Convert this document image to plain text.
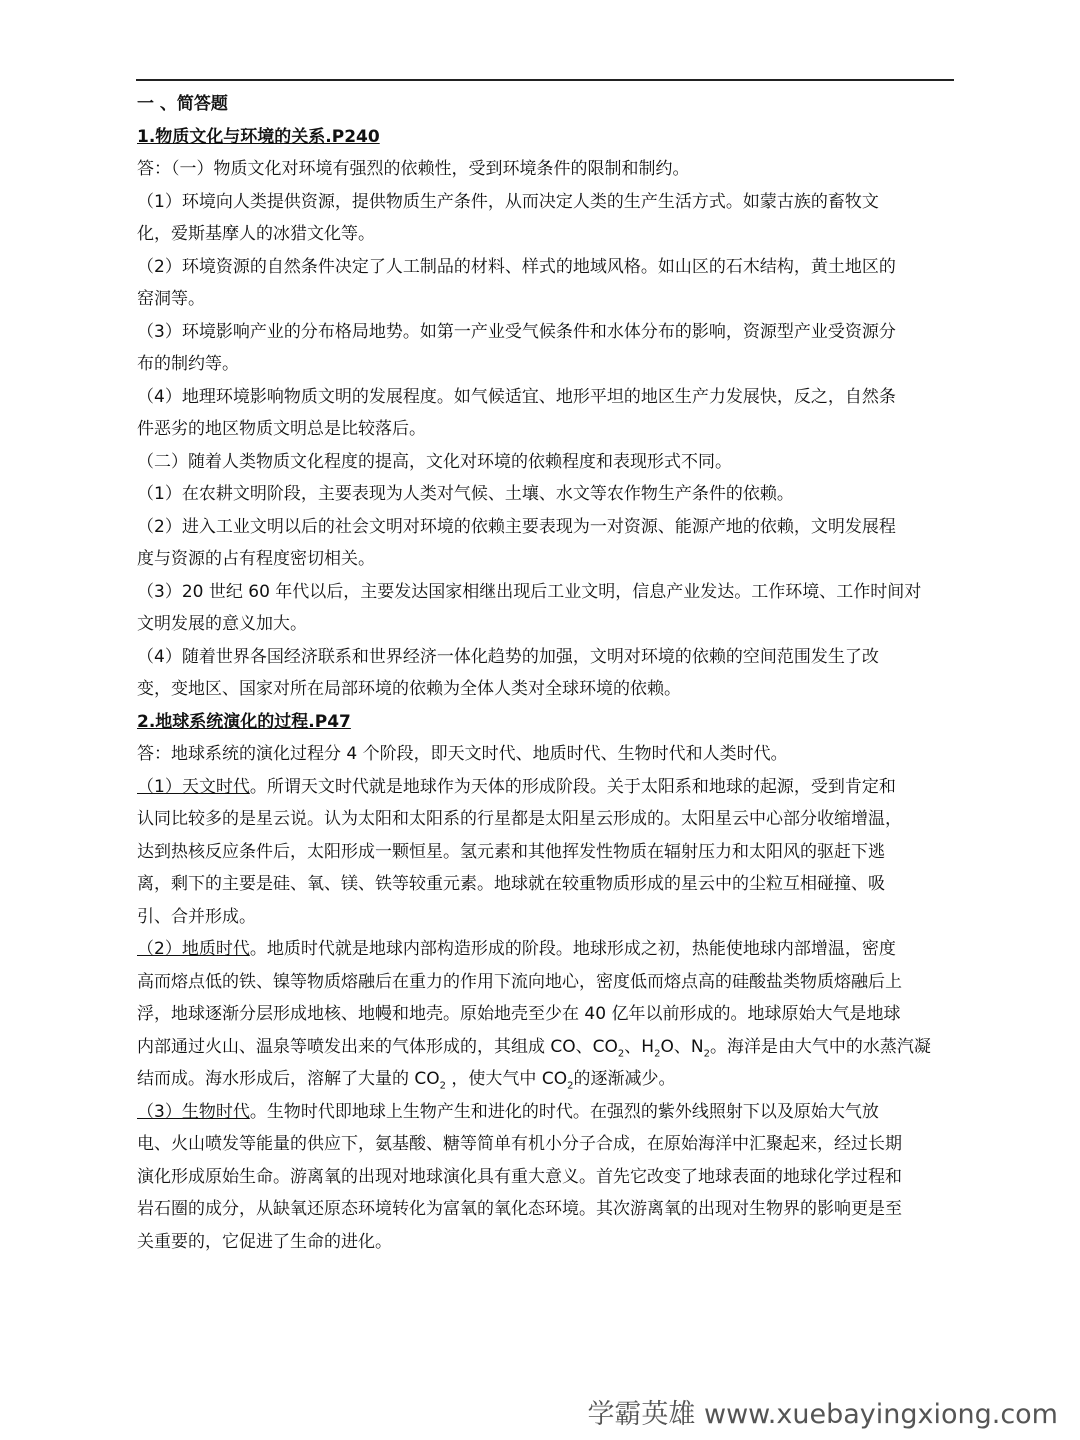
一 、简答题
1.物质文化与环境的关系.P240
答：（一）物质文化对环境有强烈的依赖性，受到环境条件的限制和制约。
（1）环境向人类提供资源，提供物质生产条件，从而决定人类的生产生活方式。如蒙古族的畜牧文
化，爱斯基摩人的冰猎文化等。
（2）环境资源的自然条件决定了人工制品的材料、样式的地域风格。如山区的石木结构，黄土地区的
窑洞等。
（3）环境影响产业的分布格局地势。如第一产业受气候条件和水体分布的影响，资源型产业受资源分
布的制约等。
（4）地理环境影响物质文明的发展程度。如气候适宜、地形平坦的地区生产力发展快，反之，自然条
件恶劣的地区物质文明总是比较落后。
（二）随着人类物质文化程度的提高，文化对环境的依赖程度和表现形式不同。
（1）在农耕文明阶段，主要表现为人类对气候、土壤、水文等农作物生产条件的依赖。
（2）进入工业文明以后的社会文明对环境的依赖主要表现为一对资源、能源产地的依赖，文明发展程
度与资源的占有程度密切相关。
（3）20 世纪 60 年代以后，主要发达国家相继出现后工业文明，信息产业发达。工作环境、工作时间对
文明发展的意义加大。
（4）随着世界各国经济联系和世界经济一体化趋势的加强，文明对环境的依赖的空间范围发生了改
变，变地区、国家对所在局部环境的依赖为全体人类对全球环境的依赖。
2.地球系统演化的过程.P47
答：地球系统的演化过程分 4 个阶段，即天文时代、地质时代、生物时代和人类时代。
（1）天文时代。所谓天文时代就是地球作为天体的形成阶段。关于太阳系和地球的起源，受到肯定和
认同比较多的是星云说。认为太阳和太阳系的行星都是太阳星云形成的。太阳星云中心部分收缩增温，
达到热核反应条件后，太阳形成一颗恒星。氢元素和其他挥发性物质在辐射压力和太阳风的驱赶下逃
离，剩下的主要是硅、氧、镁、铁等较重元素。地球就在较重物质形成的星云中的尘粒互相碰撞、吸
引、合并形成。
（2）地质时代。地质时代就是地球内部构造形成的阶段。地球形成之初，热能使地球内部增温，密度
高而熔点低的铁、镍等物质熔融后在重力的作用下流向地心，密度低而熔点高的硅酸盐类物质熔融后上
浮，地球逐渐分层形成地核、地幔和地壳。原始地壳至少在 40 亿年以前形成的。地球原始大气是地球
内部通过火山、温泉等喷发出来的气体形成的，其组成 CO、$CO_2$、$H_2O$、$N_2$。海洋是由大气中的水蒸汽凝
结而成。海水形成后，溶解了大量的 $CO_2$ ，使大气中 $CO_2$的逐渐减少。
（3）生物时代。生物时代即地球上生物产生和进化的时代。在强烈的紫外线照射下以及原始大气放
电、火山喷发等能量的供应下，氨基酸、糖等简单有机小分子合成，在原始海洋中汇聚起来，经过长期
演化形成原始生命。游离氧的出现对地球演化具有重大意义。首先它改变了地球表面的地球化学过程和
岩石圈的成分，从缺氧还原态环境转化为富氧的氧化态环境。其次游离氧的出现对生物界的影响更是至
关重要的，它促进了生命的进化。
学霸英雄 www.xuebayingxiong.com
